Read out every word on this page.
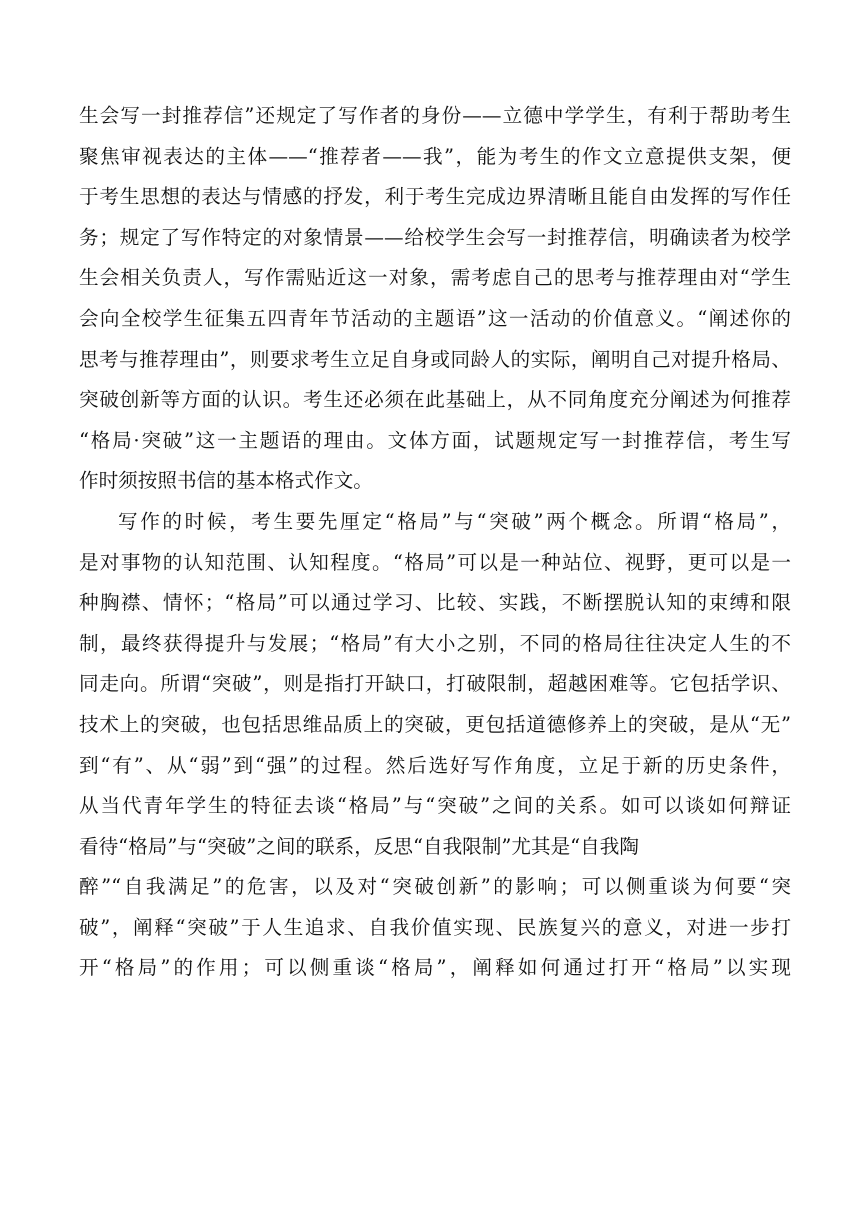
生会写一封推荐信”还规定了写作者的身份——立德中学学生，有利于帮助考生
聚焦审视表达的主体——“推荐者——我”，能为考生的作文立意提供支架，便
于考生思想的表达与情感的抒发，利于考生完成边界清晰且能自由发挥的写作任
务；规定了写作特定的对象情景——给校学生会写一封推荐信，明确读者为校学
生会相关负责人，写作需贴近这一对象，需考虑自己的思考与推荐理由对“学生
会向全校学生征集五四青年节活动的主题语”这一活动的价值意义。“阐述你的
思考与推荐理由”，则要求考生立足自身或同龄人的实际，阐明自己对提升格局、
突破创新等方面的认识。考生还必须在此基础上，从不同角度充分阐述为何推荐
“格局·突破”这一主题语的理由。文体方面，试题规定写一封推荐信，考生写
作时须按照书信的基本格式作文。
写作的时候，考生要先厘定“格局”与“突破”两个概念。所谓“格局”，
是对事物的认知范围、认知程度。“格局”可以是一种站位、视野，更可以是一
种胸襟、情怀；“格局”可以通过学习、比较、实践，不断摆脱认知的束缚和限
制，最终获得提升与发展；“格局”有大小之别，不同的格局往往决定人生的不
同走向。所谓“突破”，则是指打开缺口，打破限制，超越困难等。它包括学识、
技术上的突破，也包括思维品质上的突破，更包括道德修养上的突破，是从“无”
到“有”、从“弱”到“强”的过程。然后选好写作角度，立足于新的历史条件，
从当代青年学生的特征去谈“格局”与“突破”之间的关系。如可以谈如何辩证
看待“格局”与“突破”之间的联系，反思“自我限制”尤其是“自我陶
醉”“自我满足”的危害，以及对“突破创新”的影响；可以侧重谈为何要“突
破”，阐释“突破”于人生追求、自我价值实现、民族复兴的意义，对进一步打
开“格局”的作用；可以侧重谈“格局”，阐释如何通过打开“格局”以实现
